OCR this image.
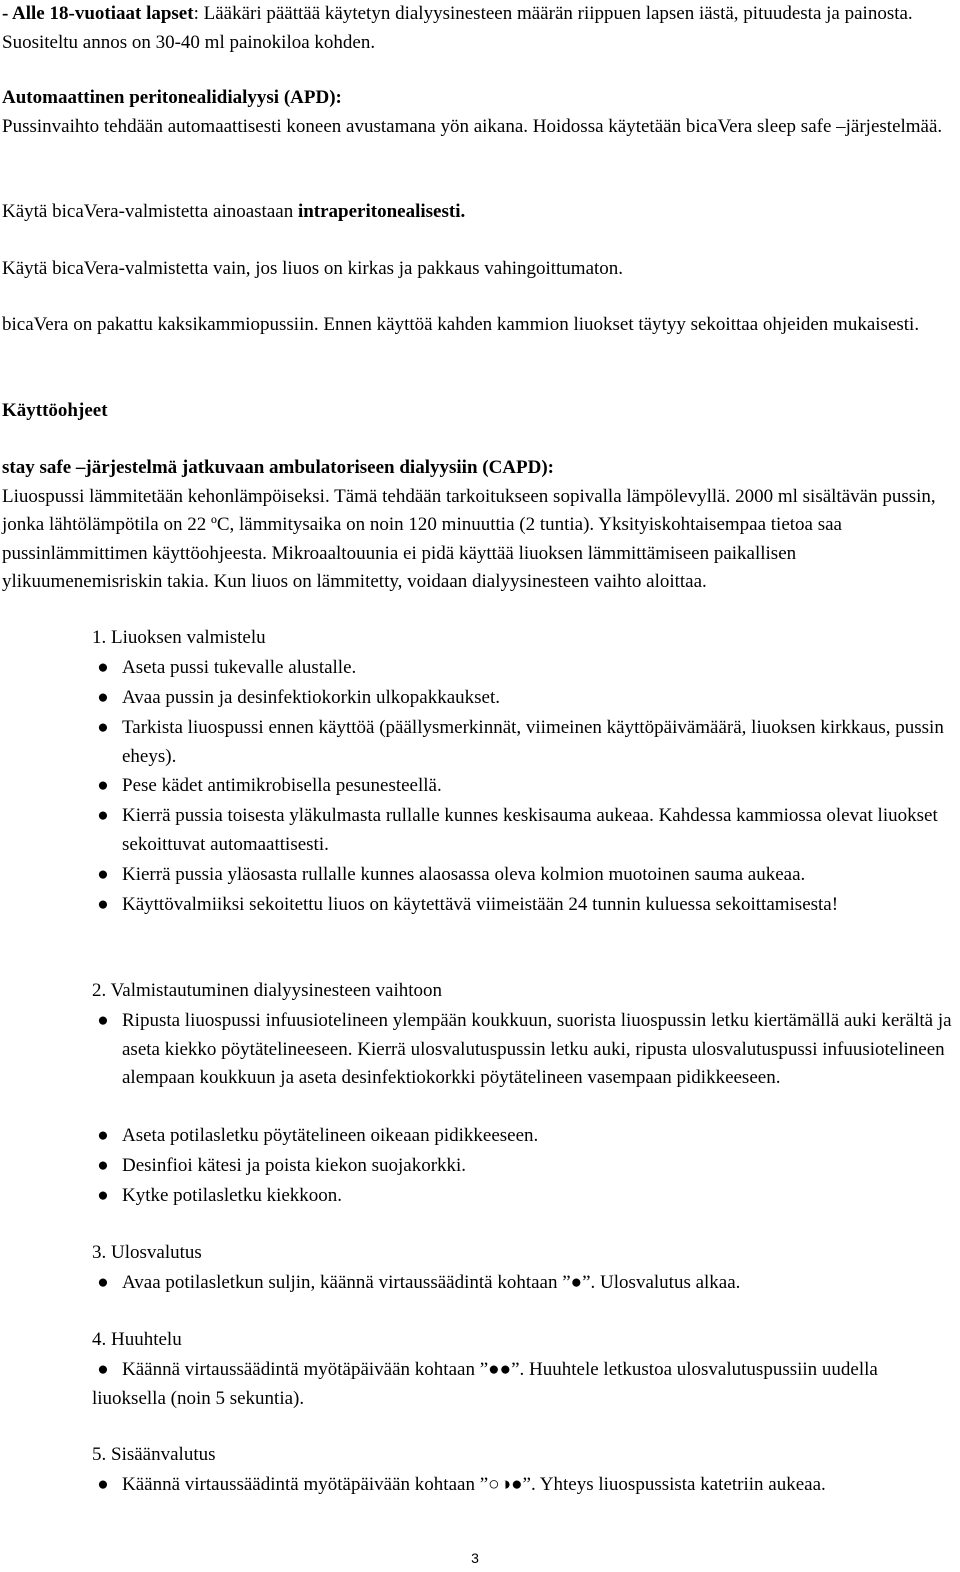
- Alle 18-vuotiaat lapset: Lääkäri päättää käytetyn dialyysinesteen määrän riippuen lapsen iästä, pituudesta ja painosta. Suositeltu annos on 30-40 ml painokiloa kohden.

Automaattinen peritonealidialyysi (APD):
Pussinvaihto tehdään automaattisesti koneen avustamana yön aikana. Hoidossa käytetään bicaVera sleep safe –järjestelmää.

Käytä bicaVera-valmistetta ainoastaan intraperitonealisesti.

Käytä bicaVera-valmistetta vain, jos liuos on kirkas ja pakkaus vahingoittumaton.

bicaVera on pakattu kaksikammiopussiin. Ennen käyttöä kahden kammion liuokset täytyy sekoittaa ohjeiden mukaisesti.

Käyttöohjeet

stay safe –järjestelmä jatkuvaan ambulatoriseen dialyysiin (CAPD):
Liuospussi lämmitetään kehonlämpöiseksi. Tämä tehdään tarkoitukseen sopivalla lämpölevyllä. 2000 ml sisältävän pussin, jonka lähtölämpötila on 22 ºC, lämmitysaika on noin 120 minuuttia (2 tuntia). Yksityiskohtaisempaa tietoa saa pussinlämmittimen käyttöohjeesta. Mikroaaltouunia ei pidä käyttää liuoksen lämmittämiseen paikallisen ylikuumenemisriskin takia. Kun liuos on lämmitetty, voidaan dialyysinesteen vaihto aloittaa.

1. Liuoksen valmistelu

● Aseta pussi tukevalle alustalle.
● Avaa pussin ja desinfektiokorkin ulkopakkaukset.
● Tarkista liuospussi ennen käyttöä (päällysmerkinnät, viimeinen käyttöpäivämäärä, liuoksen kirkkaus, pussin eheys).
● Pese kädet antimikrobisella pesunesteellä.
● Kierrä pussia toisesta yläkulmasta rullalle kunnes keskisauma aukeaa. Kahdessa kammiossa olevat liuokset sekoittuvat automaattisesti.
● Kierrä pussia yläosasta rullalle kunnes alaosassa oleva kolmion muotoinen sauma aukeaa.
● Käyttövalmiiksi sekoitettu liuos on käytettävä viimeistään 24 tunnin kuluessa sekoittamisesta!

2. Valmistautuminen dialyysinesteen vaihtoon

● Ripusta liuospussi infuusiotelineen ylempään koukkuun, suorista liuospussin letku kiertämällä auki kerältä ja aseta kiekko pöytätelineeseen. Kierrä ulosvalutuspussin letku auki, ripusta ulosvalutuspussi infuusiotelineen alempaan koukkuun ja aseta desinfektiokorkki pöytätelineen vasempaan pidikkeeseen.
● Aseta potilasletku pöytätelineen oikeaan pidikkeeseen.
● Desinfioi kätesi ja poista kiekon suojakorkki.
● Kytke potilasletku kiekkoon.

3. Ulosvalutus

● Avaa potilasletkun suljin, käännä virtaussäädintä kohtaan ”●”. Ulosvalutus alkaa.

4. Huuhtelu

● Käännä virtaussäädintä myötäpäivään kohtaan ”●●”. Huuhtele letkustoa ulosvalutuspussiin uudella liuoksella (noin 5 sekuntia).

5. Sisäänvalutus

● Käännä virtaussäädintä myötäpäivään kohtaan ”○◑●”. Yhteys liuospussista katetriin aukeaa.
3
